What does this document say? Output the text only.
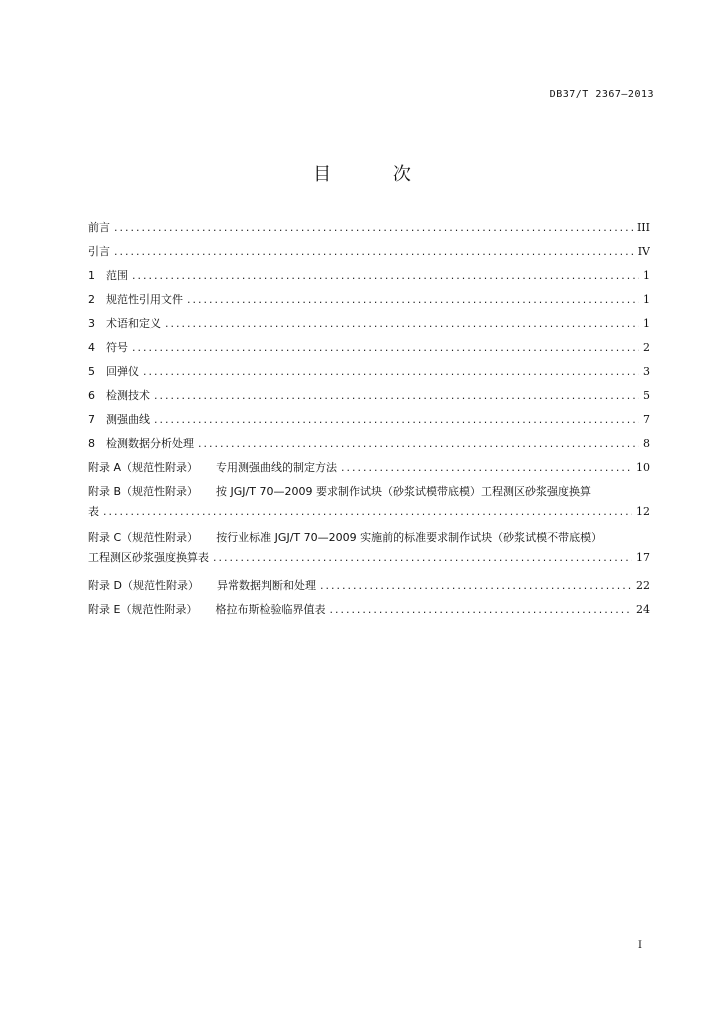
DB37/T 2367—2013
目 次
前言 .....	III
引言 .....	IV
1	范围 .....	1
2	规范性引用文件 .....	1
3	术语和定义 .....	1
4	符号 .....	2
5	回弹仪 .....	3
6	检测技术 .....	5
7	测强曲线 .....	7
8	检测数据分析处理 .....	8
附录 A（规范性附录） 专用测强曲线的制定方法 .....	10
附录 B（规范性附录） 按 JGJ/T 70—2009 要求制作试块（砂浆试模带底模）工程测区砂浆强度换算
表 .....	12
附录 C（规范性附录） 按行业标准 JGJ/T 70—2009 实施前的标准要求制作试块（砂浆试模不带底模）
工程测区砂浆强度换算表 .....	17
附录 D（规范性附录） 异常数据判断和处理 .....	22
附录 E（规范性附录） 格拉布斯检验临界值表 .....	24
I
